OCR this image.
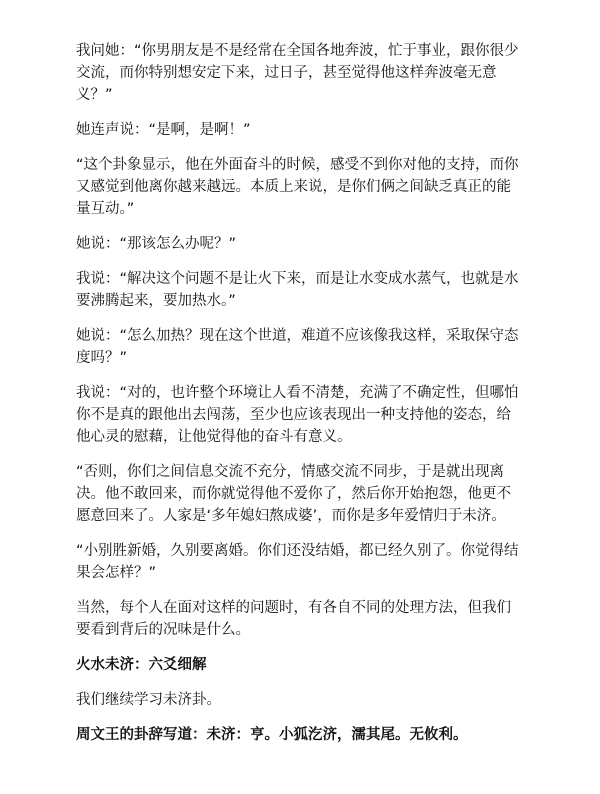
我问她：“你男朋友是不是经常在全国各地奔波，忙于事业，跟你很少交流，而你特别想安定下来，过日子，甚至觉得他这样奔波毫无意义？”

她连声说：“是啊，是啊！”

“这个卦象显示，他在外面奋斗的时候，感受不到你对他的支持，而你又感觉到他离你越来越远。本质上来说，是你们俩之间缺乏真正的能量互动。”

她说：“那该怎么办呢？”

我说：“解决这个问题不是让火下来，而是让水变成水蒸气，也就是水要沸腾起来，要加热水。”

她说：“怎么加热？现在这个世道，难道不应该像我这样，采取保守态度吗？”

我说：“对的，也许整个环境让人看不清楚，充满了不确定性，但哪怕你不是真的跟他出去闯荡，至少也应该表现出一种支持他的姿态，给他心灵的慰藉，让他觉得他的奋斗有意义。

“否则，你们之间信息交流不充分，情感交流不同步，于是就出现离决。他不敢回来，而你就觉得他不爱你了，然后你开始抱怨，他更不愿意回来了。人家是‘多年媳妇熬成婆’，而你是多年爱情归于未济。

“小别胜新婚，久别要离婚。你们还没结婚，都已经久别了。你觉得结果会怎样？”

当然，每个人在面对这样的问题时，有各自不同的处理方法，但我们要看到背后的况味是什么。

火水未济：六爻细解

我们继续学习未济卦。

周文王的卦辞写道：未济：亨。小狐汔济，濡其尾。无攸利。
